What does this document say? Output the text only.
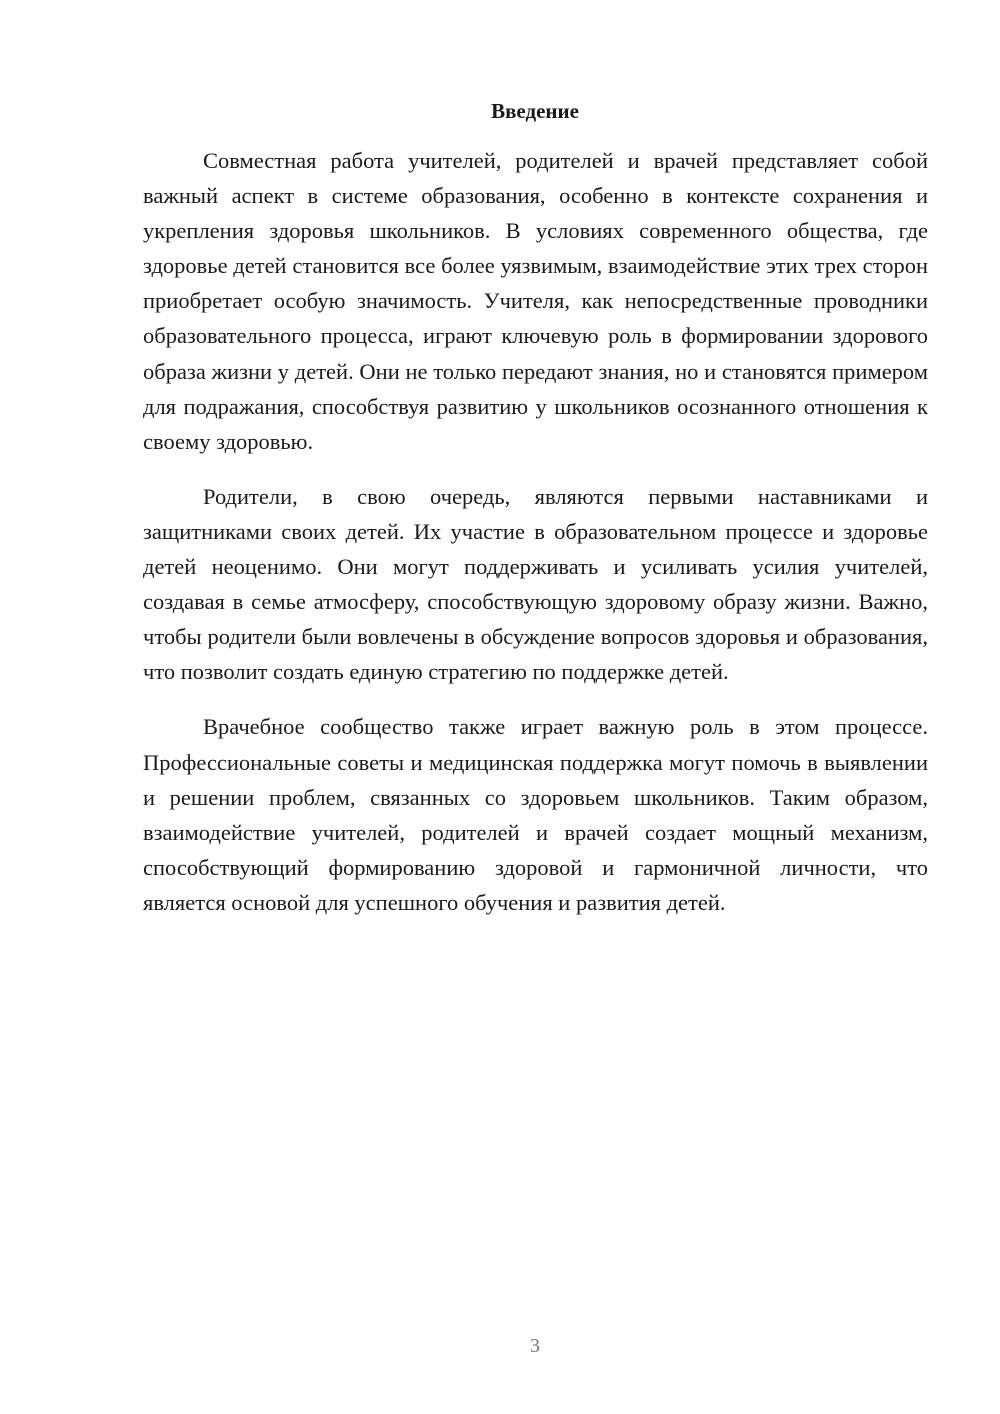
Введение

Совместная работа учителей, родителей и врачей представляет собой важный аспект в системе образования, особенно в контексте сохранения и укрепления здоровья школьников. В условиях современного общества, где здоровье детей становится все более уязвимым, взаимодействие этих трех сторон приобретает особую значимость. Учителя, как непосредственные проводники образовательного процесса, играют ключевую роль в формировании здорового образа жизни у детей. Они не только передают знания, но и становятся примером для подражания, способствуя развитию у школьников осознанного отношения к своему здоровью.

Родители, в свою очередь, являются первыми наставниками и защитниками своих детей. Их участие в образовательном процессе и здоровье детей неоценимо. Они могут поддерживать и усиливать усилия учителей, создавая в семье атмосферу, способствующую здоровому образу жизни. Важно, чтобы родители были вовлечены в обсуждение вопросов здоровья и образования, что позволит создать единую стратегию по поддержке детей.

Врачебное сообщество также играет важную роль в этом процессе. Профессиональные советы и медицинская поддержка могут помочь в выявлении и решении проблем, связанных со здоровьем школьников. Таким образом, взаимодействие учителей, родителей и врачей создает мощный механизм, способствующий формированию здоровой и гармоничной личности, что является основой для успешного обучения и развития детей.

3
